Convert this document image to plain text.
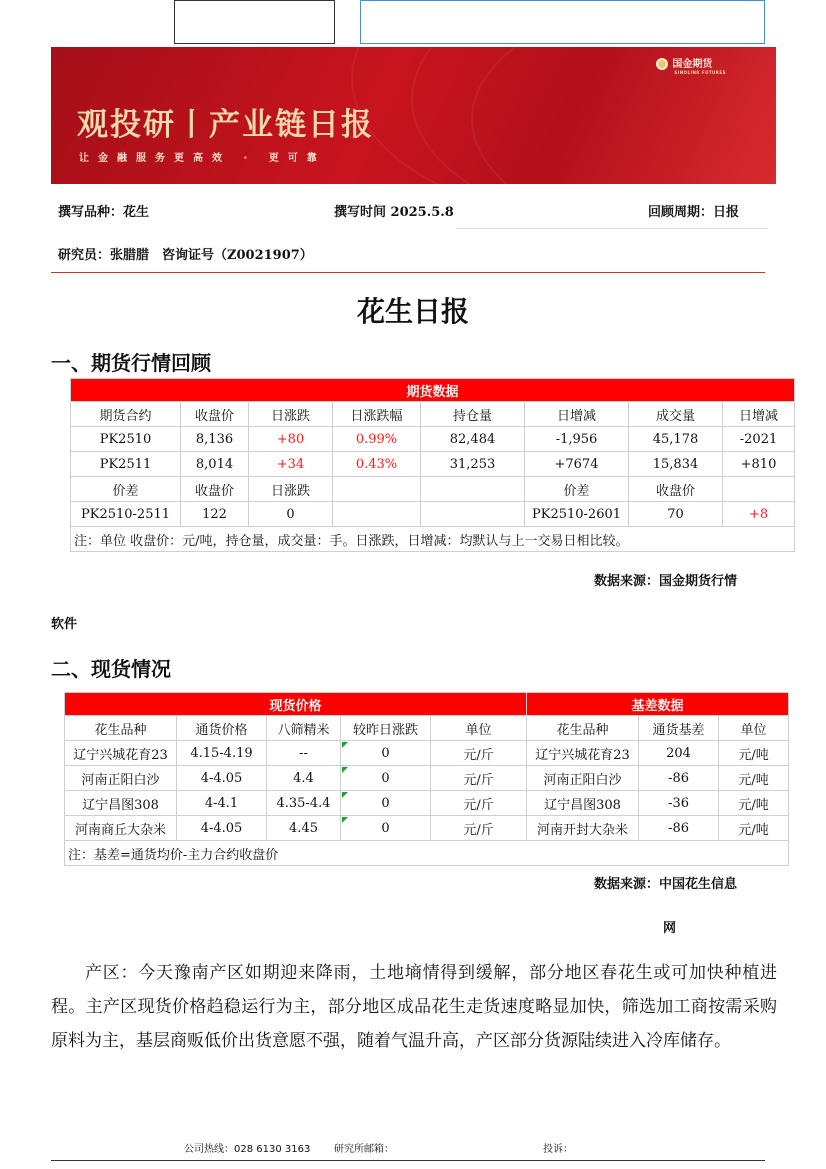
国金期货
SINOLINK FUTURES
观投研丨产业链日报
让金融服务更高效 · 更可靠
撰写品种：花生	撰写时间 2025.5.8	回顾周期：日报
研究员：张腊腊　咨询证号（Z0021907）
花生日报
一、期货行情回顾
期货数据							
期货合约	收盘价	日涨跌	日涨跌幅	持仓量	日增减	成交量	日增减
PK2510	8,136	+80	0.99%	82,484	-1,956	45,178	-2021
PK2511	8,014	+34	0.43%	31,253	+7674	15,834	+810
价差	收盘价	日涨跌			价差	收盘价	
PK2510-2511	122	0			PK2510-2601	70	+8
注：单位 收盘价：元/吨，持仓量，成交量：手。日涨跌，日增减：均默认与上一交易日相比较。							
数据来源：国金期货行情
软件
二、现货情况
现货价格					基差数据		
花生品种	通货价格	八筛精米	较昨日涨跌	单位	花生品种	通货基差	单位
辽宁兴城花育23	4.15-4.19	--	0	元/斤	辽宁兴城花育23	204	元/吨
河南正阳白沙	4-4.05	4.4	0	元/斤	河南正阳白沙	-86	元/吨
辽宁昌图308	4-4.1	4.35-4.4	0	元/斤	辽宁昌图308	-36	元/吨
河南商丘大杂米	4-4.05	4.45	0	元/斤	河南开封大杂米	-86	元/吨
注：基差=通货均价-主力合约收盘价							
数据来源：中国花生信息
网
产区：今天豫南产区如期迎来降雨，土地墒情得到缓解，部分地区春花生或可加快种植进程。主产区现货价格趋稳运行为主，部分地区成品花生走货速度略显加快，筛选加工商按需采购原料为主，基层商贩低价出货意愿不强，随着气温升高，产区部分货源陆续进入冷库储存。
公司热线：028 6130 3163 研究所邮箱：	投诉：
